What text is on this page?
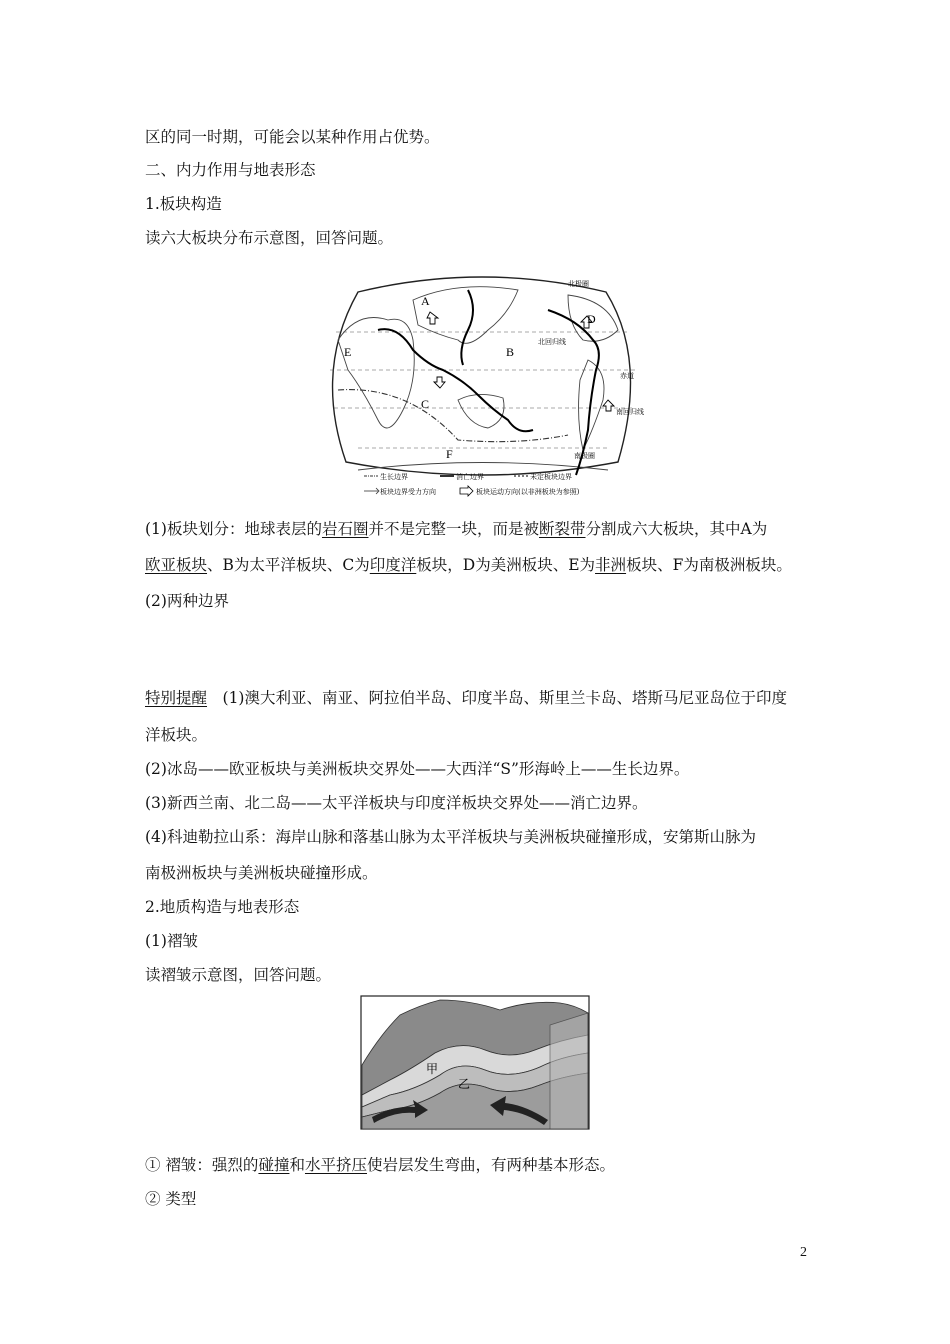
区的同一时期，可能会以某种作用占优势。
二、内力作用与地表形态
1.板块构造
读六大板块分布示意图，回答问题。
A
B
C
D
E
F
北极圈
北回归线
赤道
南回归线
南极圈
生长边界	消亡边界	未定板块边界
板块边界受力方向	板块运动方向(以非洲板块为参照)
(1)板块划分：地球表层的岩石圈并不是完整一块，而是被断裂带分割成六大板块，其中A为
欧亚板块、B为太平洋板块、C为印度洋板块，D为美洲板块、E为非洲板块、F为南极洲板块。
(2)两种边界
特别提醒　(1)澳大利亚、南亚、阿拉伯半岛、印度半岛、斯里兰卡岛、塔斯马尼亚岛位于印度
洋板块。
(2)冰岛——欧亚板块与美洲板块交界处——大西洋“S”形海岭上——生长边界。
(3)新西兰南、北二岛——太平洋板块与印度洋板块交界处——消亡边界。
(4)科迪勒拉山系：海岸山脉和落基山脉为太平洋板块与美洲板块碰撞形成，安第斯山脉为
南极洲板块与美洲板块碰撞形成。
2.地质构造与地表形态
(1)褶皱
读褶皱示意图，回答问题。
甲
乙
① 褶皱：强烈的碰撞和水平挤压使岩层发生弯曲，有两种基本形态。
② 类型
2
